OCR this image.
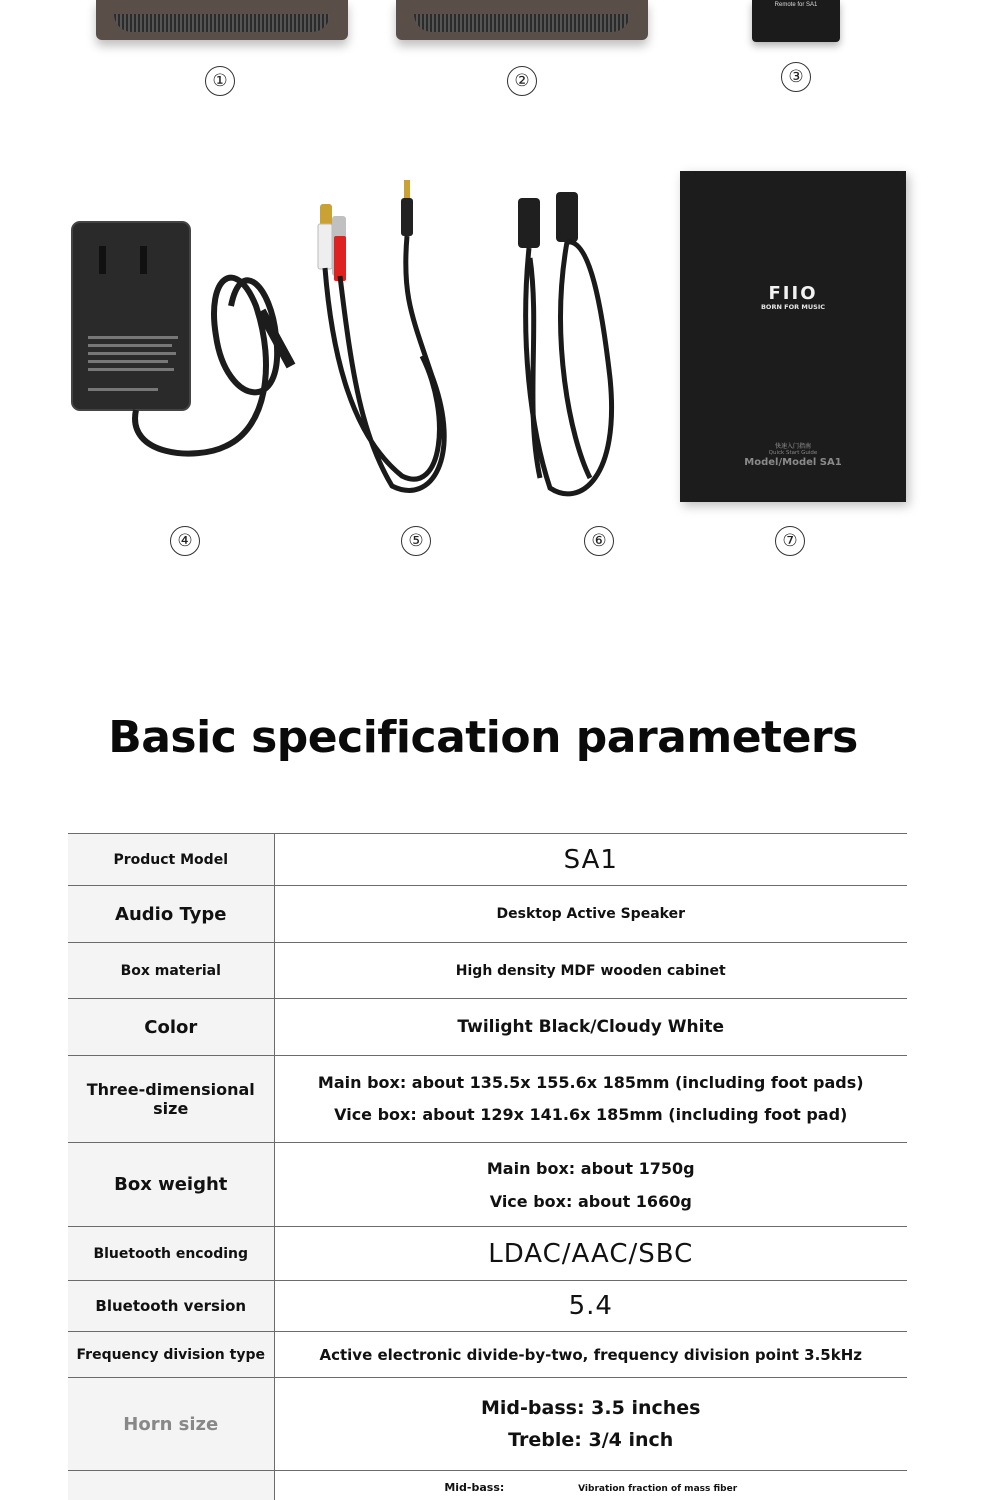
Remote for SA1
①	②	③
FIIO
BORN FOR MUSIC
快速入门指南
Quick Start Guide
Model/Model SA1
④	⑤	⑥	⑦
Basic specification parameters
Product Model	SA1
Audio Type	Desktop Active Speaker
Box material	High density MDF wooden cabinet
Color	Twilight Black/Cloudy White
Three-dimensional size	Main box: about 135.5x 155.6x 185mm (including foot pads)
Vice box: about 129x 141.6x 185mm (including foot pad)

Box weight	Main box: about 1750g
Vice box: about 1660g

Bluetooth encoding	LDAC/AAC/SBC
Bluetooth version	5.4
Frequency division type	Active electronic divide-by-two, frequency division point 3.5kHz
Horn size	Mid-bass: 3.5 inches
Treble: 3/4 inch

	Mid-bass: Vibration fraction of mass fiber
